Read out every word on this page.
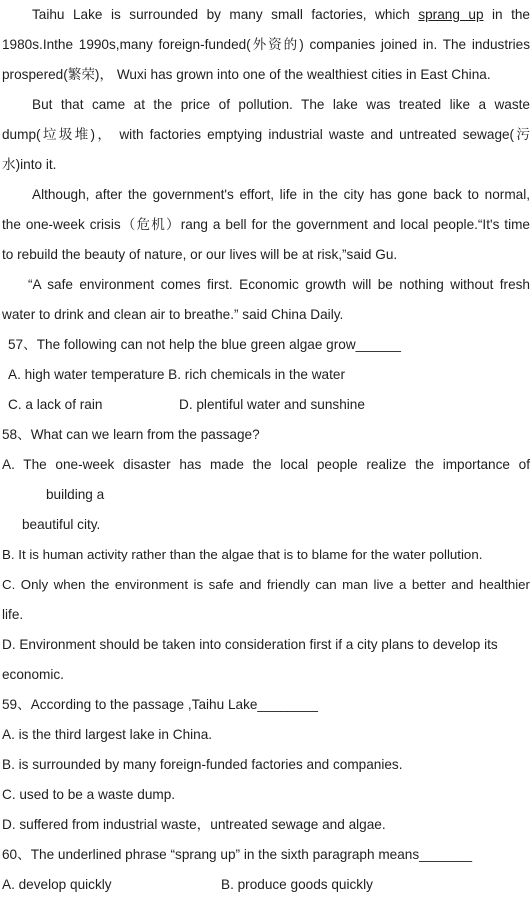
Taihu Lake is surrounded by many small factories, which sprang up in the
1980s.Inthe 1990s,many foreign-funded(外资的) companies joined in. The industries
prospered(繁荣)， Wuxi has grown into one of the wealthiest cities in East China.
But that came at the price of pollution. The lake was treated like a waste
dump(垃圾堆)， with factories emptying industrial waste and untreated sewage(污
水)into it.
Although, after the government's effort, life in the city has gone back to normal,
the one-week crisis（危机）rang a bell for the government and local people.“It's time
to rebuild the beauty of nature, or our lives will be at risk,”said Gu.
“A safe environment comes first. Economic growth will be nothing without fresh
water to drink and clean air to breathe.” said China Daily.
57、The following can not help the blue green algae grow______
A. high water temperature B. rich chemicals in the water
C. a lack of rain	D. plentiful water and sunshine
58、What can we learn from the passage?
A. The one-week disaster has made the local people realize the importance of
building a
beautiful city.
B. It is human activity rather than the algae that is to blame for the water pollution.
C. Only when the environment is safe and friendly can man live a better and healthier
life.
D. Environment should be taken into consideration first if a city plans to develop its
economic.
59、According to the passage ,Taihu Lake________
A. is the third largest lake in China.
B. is surrounded by many foreign-funded factories and companies.
C. used to be a waste dump.
D. suffered from industrial waste，untreated sewage and algae.
60、The underlined phrase “sprang up” in the sixth paragraph means_______
A. develop quickly	B. produce goods quickly
